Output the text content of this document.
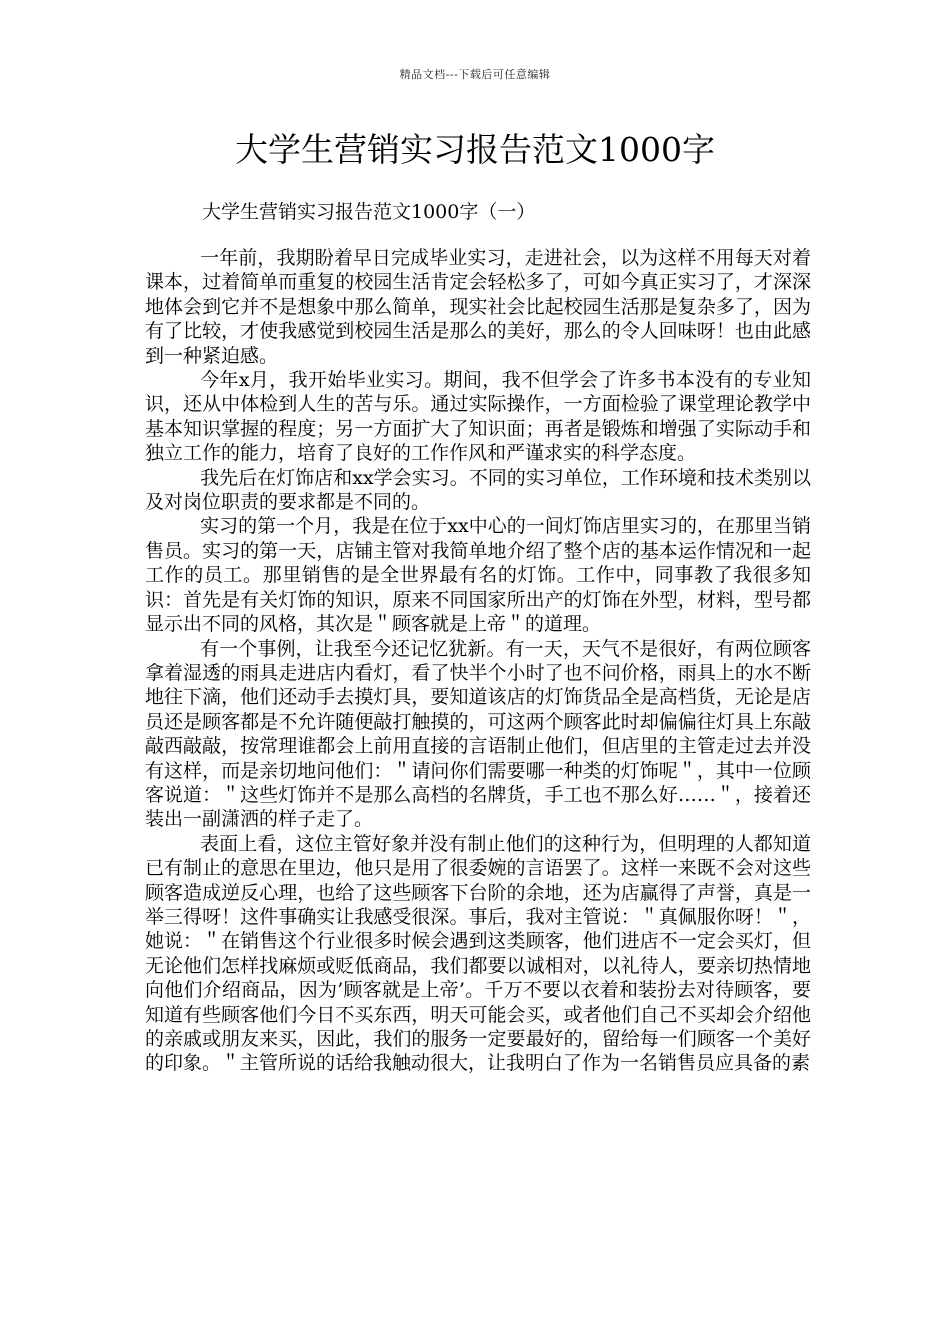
精品文档---下载后可任意编辑
大学生营销实习报告范文1000字
大学生营销实习报告范文1000字（一）

一年前，我期盼着早日完成毕业实习，走进社会，以为这样不用每天对着课本，过着简单而重复的校园生活肯定会轻松多了，可如今真正实习了，才深深地体会到它并不是想象中那么简单，现实社会比起校园生活那是复杂多了，因为有了比较，才使我感觉到校园生活是那么的美好，那么的令人回味呀！也由此感到一种紧迫感。

今年x月，我开始毕业实习。期间，我不但学会了许多书本没有的专业知识，还从中体检到人生的苦与乐。通过实际操作，一方面检验了课堂理论教学中基本知识掌握的程度；另一方面扩大了知识面；再者是锻炼和增强了实际动手和独立工作的能力，培育了良好的工作作风和严谨求实的科学态度。

我先后在灯饰店和xx学会实习。不同的实习单位，工作环境和技术类别以及对岗位职责的要求都是不同的。

实习的第一个月，我是在位于xx中心的一间灯饰店里实习的，在那里当销售员。实习的第一天，店铺主管对我简单地介绍了整个店的基本运作情况和一起工作的员工。那里销售的是全世界最有名的灯饰。工作中，同事教了我很多知识：首先是有关灯饰的知识，原来不同国家所出产的灯饰在外型，材料，型号都显示出不同的风格，其次是＂顾客就是上帝＂的道理。

有一个事例，让我至今还记忆犹新。有一天，天气不是很好，有两位顾客拿着湿透的雨具走进店内看灯，看了快半个小时了也不问价格，雨具上的水不断地往下滴，他们还动手去摸灯具，要知道该店的灯饰货品全是高档货，无论是店员还是顾客都是不允许随便敲打触摸的，可这两个顾客此时却偏偏往灯具上东敲敲西敲敲，按常理谁都会上前用直接的言语制止他们，但店里的主管走过去并没有这样，而是亲切地问他们：＂请问你们需要哪一种类的灯饰呢＂，其中一位顾客说道：＂这些灯饰并不是那么高档的名牌货，手工也不那么好……＂，接着还装出一副潇洒的样子走了。

表面上看，这位主管好象并没有制止他们的这种行为，但明理的人都知道已有制止的意思在里边，他只是用了很委婉的言语罢了。这样一来既不会对这些顾客造成逆反心理，也给了这些顾客下台阶的余地，还为店赢得了声誉，真是一举三得呀！这件事确实让我感受很深。事后，我对主管说：＂真佩服你呀！＂，她说：＂在销售这个行业很多时候会遇到这类顾客，他们进店不一定会买灯，但无论他们怎样找麻烦或贬低商品，我们都要以诚相对，以礼待人，要亲切热情地向他们介绍商品，因为’顾客就是上帝’。千万不要以衣着和装扮去对待顾客，要知道有些顾客他们今日不买东西，明天可能会买，或者他们自己不买却会介绍他的亲戚或朋友来买，因此，我们的服务一定要最好的，留给每一们顾客一个美好的印象。＂主管所说的话给我触动很大，让我明白了作为一名销售员应具备的素
